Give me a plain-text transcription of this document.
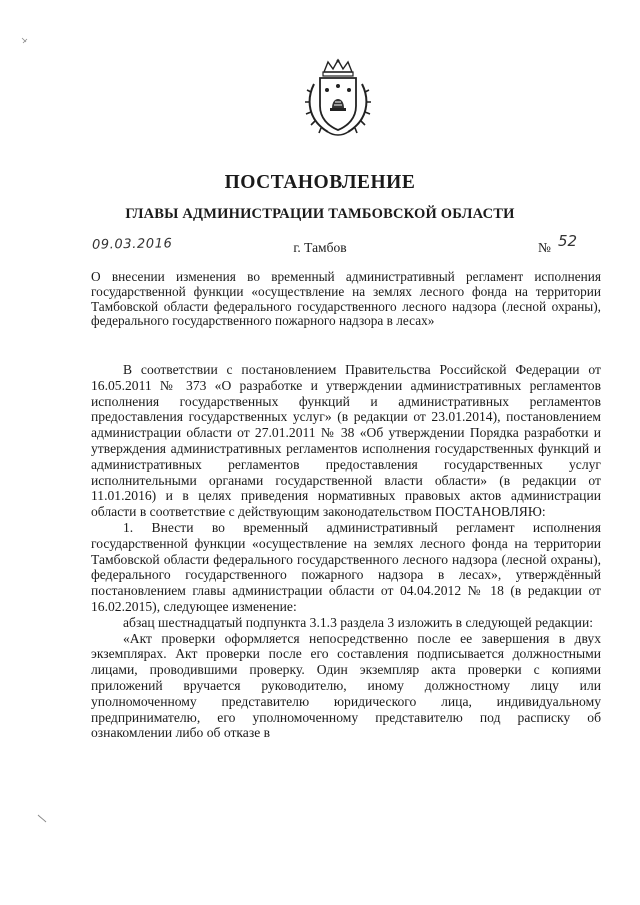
ПОСТАНОВЛЕНИЕ
ГЛАВЫ АДМИНИСТРАЦИИ ТАМБОВСКОЙ ОБЛАСТИ
09.03.2016	г. Тамбов	№ 52
О внесении изменения во временный административный регламент исполнения государственной функции «осуществление на землях лесного фонда на территории Тамбовской области федерального государственного лесного надзора (лесной охраны), федерального государственного пожарного надзора в лесах»

В соответствии с постановлением Правительства Российской Федерации от 16.05.2011 № 373 «О разработке и утверждении административных регламентов исполнения государственных функций и административных регламентов предоставления государственных услуг» (в редакции от 23.01.2014), постановлением администрации области от 27.01.2011 № 38 «Об утверждении Порядка разработки и утверждения административных регламентов исполнения государственных функций и административных регламентов предоставления государственных услуг исполнительными органами государственной власти области» (в редакции от 11.01.2016) и в целях приведения нормативных правовых актов администрации области в соответствие с действующим законодательством ПОСТАНОВЛЯЮ:

1. Внести во временный административный регламент исполнения государственной функции «осуществление на землях лесного фонда на территории Тамбовской области федерального государственного лесного надзора (лесной охраны), федерального государственного пожарного надзора в лесах», утверждённый постановлением главы администрации области от 04.04.2012 № 18 (в редакции от 16.02.2015), следующее изменение:

абзац шестнадцатый подпункта 3.1.3 раздела 3 изложить в следующей редакции:

«Акт проверки оформляется непосредственно после ее завершения в двух экземплярах. Акт проверки после его составления подписывается должностными лицами, проводившими проверку. Один экземпляр акта проверки с копиями приложений вручается руководителю, иному должностному лицу или уполномоченному представителю юридического лица, индивидуальному предпринимателю, его уполномоченному представителю под расписку об ознакомлении либо об отказе в
